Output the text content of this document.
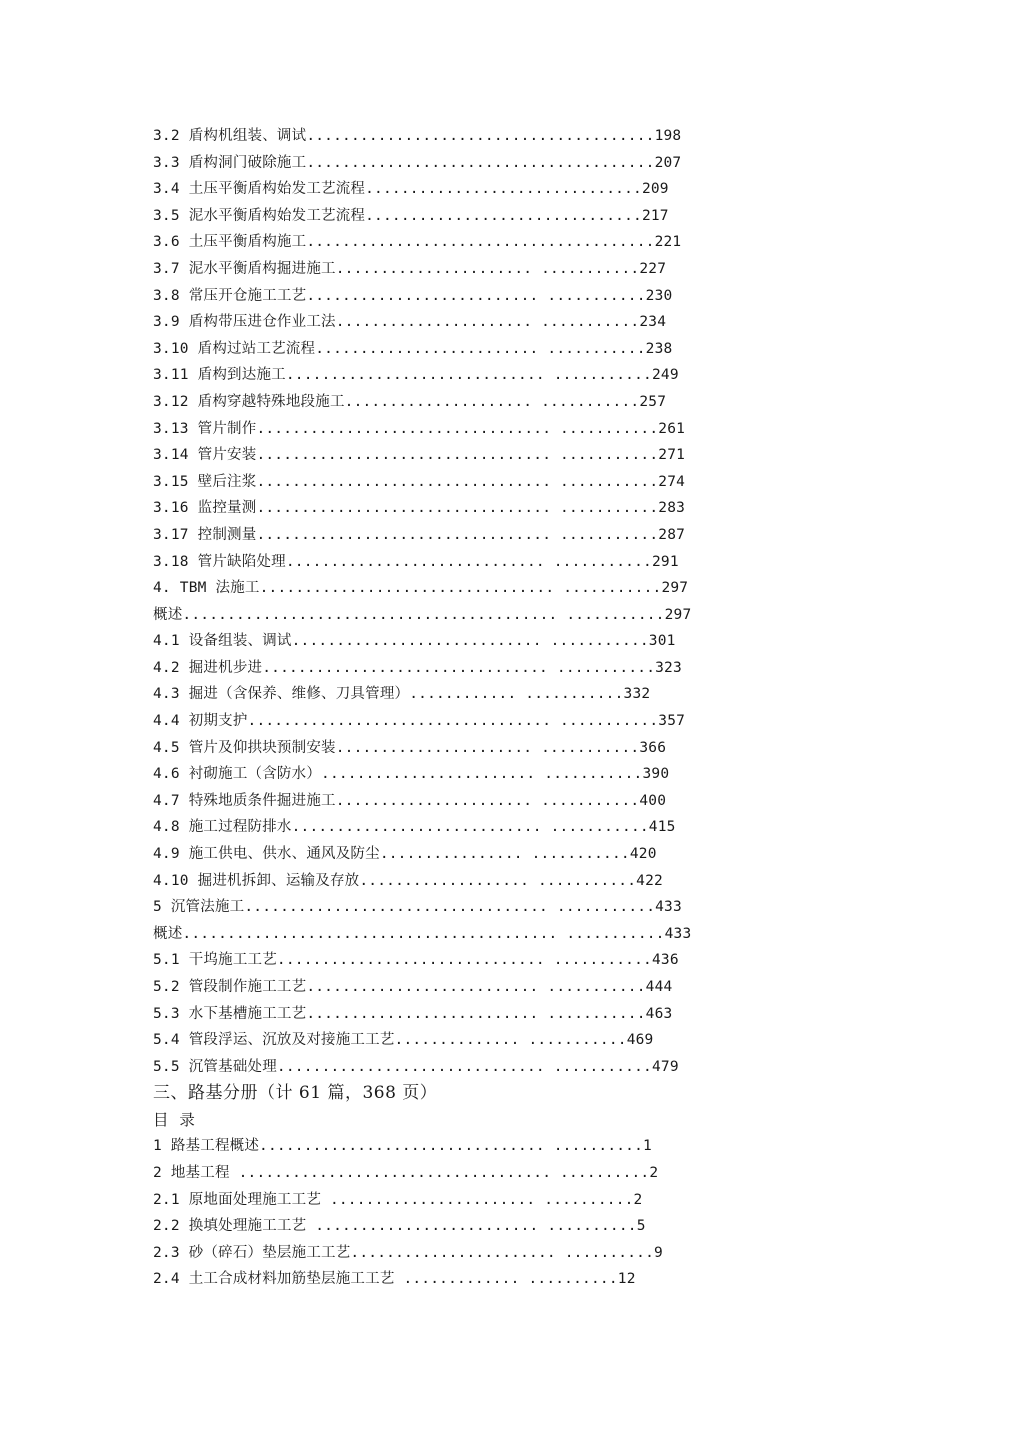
3.2 盾构机组装、调试.......................................198
3.3 盾构洞门破除施工.......................................207
3.4 土压平衡盾构始发工艺流程...............................209
3.5 泥水平衡盾构始发工艺流程...............................217
3.6 土压平衡盾构施工.......................................221
3.7 泥水平衡盾构掘进施工...................... ...........227
3.8 常压开仓施工工艺.......................... ...........230
3.9 盾构带压进仓作业工法...................... ...........234
3.10 盾构过站工艺流程......................... ...........238
3.11 盾构到达施工............................. ...........249
3.12 盾构穿越特殊地段施工..................... ...........257
3.13 管片制作................................. ...........261
3.14 管片安装................................. ...........271
3.15 壁后注浆................................. ...........274
3.16 监控量测................................. ...........283
3.17 控制测量................................. ...........287
3.18 管片缺陷处理............................. ...........291
4. TBM 法施工................................. ...........297
概述.......................................... ...........297
4.1 设备组装、调试............................ ...........301
4.2 掘进机步进................................ ...........323
4.3 掘进（含保养、维修、刀具管理）............ ...........332
4.4 初期支护.................................. ...........357
4.5 管片及仰拱块预制安装...................... ...........366
4.6 衬砌施工（含防水）........................ ...........390
4.7 特殊地质条件掘进施工...................... ...........400
4.8 施工过程防排水............................ ...........415
4.9 施工供电、供水、通风及防尘................ ...........420
4.10 掘进机拆卸、运输及存放................... ...........422
5 沉管法施工.................................. ...........433
概述.......................................... ...........433
5.1 干坞施工工艺.............................. ...........436
5.2 管段制作施工工艺.......................... ...........444
5.3 水下基槽施工工艺.......................... ...........463
5.4 管段浮运、沉放及对接施工工艺.............. ...........469
5.5 沉管基础处理.............................. ...........479
三、路基分册（计 61 篇，368 页）
目 录
1 路基工程概述................................ ..........1
2 地基工程 ................................... ..........2
2.1 原地面处理施工工艺 ....................... ..........2
2.2 换填处理施工工艺 ......................... ..........5
2.3 砂（碎石）垫层施工工艺....................... ..........9
2.4 土工合成材料加筋垫层施工工艺 ............. ..........12
